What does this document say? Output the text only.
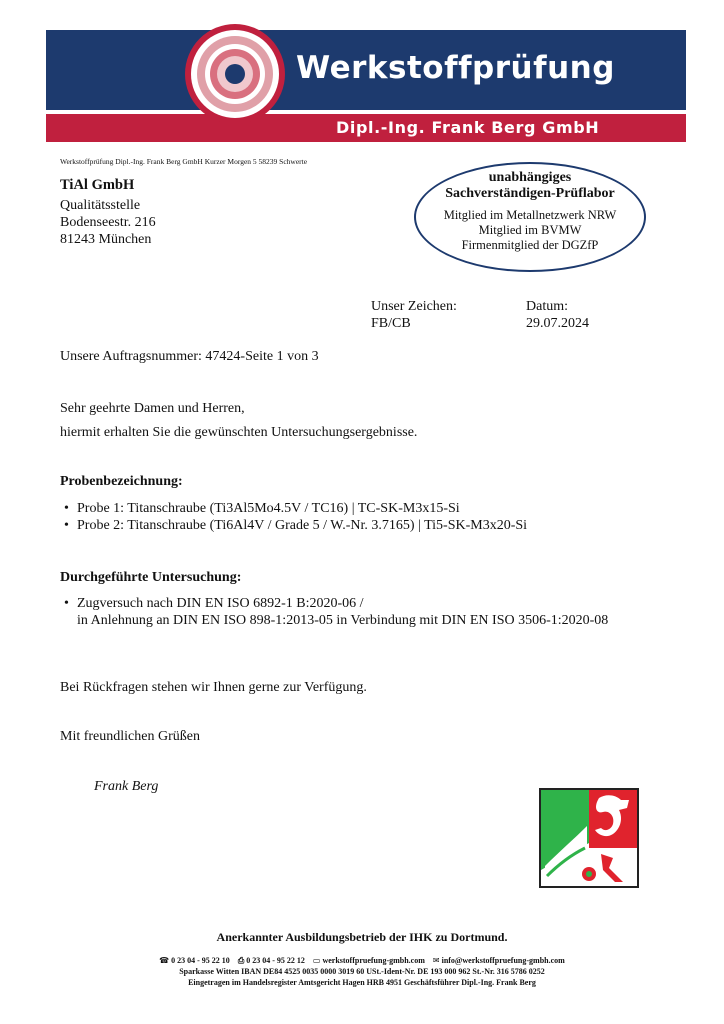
Werkstoffprüfung
Dipl.-Ing. Frank Berg GmbH
Werkstoffprüfung Dipl.-Ing. Frank Berg GmbH Kurzer Morgen 5 58239 Schwerte
TiAl GmbH
Qualitätsstelle
Bodenseestr. 216
81243 München
unabhängiges
Sachverständigen-Prüflabor
Mitglied im Metallnetzwerk NRW
Mitglied im BVMW
Firmenmitglied der DGZfP
Unser Zeichen:
FB/CB
Datum:
29.07.2024
Unsere Auftragsnummer: 47424-Seite 1 von 3
Sehr geehrte Damen und Herren,
hiermit erhalten Sie die gewünschten Untersuchungsergebnisse.
Probenbezeichnung:
• Probe 1: Titanschraube (Ti3Al5Mo4.5V / TC16) | TC-SK-M3x15-Si
• Probe 2: Titanschraube (Ti6Al4V / Grade 5 / W.-Nr. 3.7165) | Ti5-SK-M3x20-Si
Durchgeführte Untersuchung:
• Zugversuch nach DIN EN ISO 6892-1 B:2020-06 /
in Anlehnung an DIN EN ISO 898-1:2013-05 in Verbindung mit DIN EN ISO 3506-1:2020-08
Bei Rückfragen stehen wir Ihnen gerne zur Verfügung.
Mit freundlichen Grüßen
Frank Berg
Anerkannter Ausbildungsbetrieb der IHK zu Dortmund.
☎ 0 23 04 - 95 22 10 ⎙ 0 23 04 - 95 22 12 ▭ werkstoffpruefung-gmbh.com ✉ info@werkstoffpruefung-gmbh.com
Sparkasse Witten IBAN DE84 4525 0035 0000 3019 60 USt.-Ident-Nr. DE 193 000 962 St.-Nr. 316 5786 0252
Eingetragen im Handelsregister Amtsgericht Hagen HRB 4951 Geschäftsführer Dipl.-Ing. Frank Berg
